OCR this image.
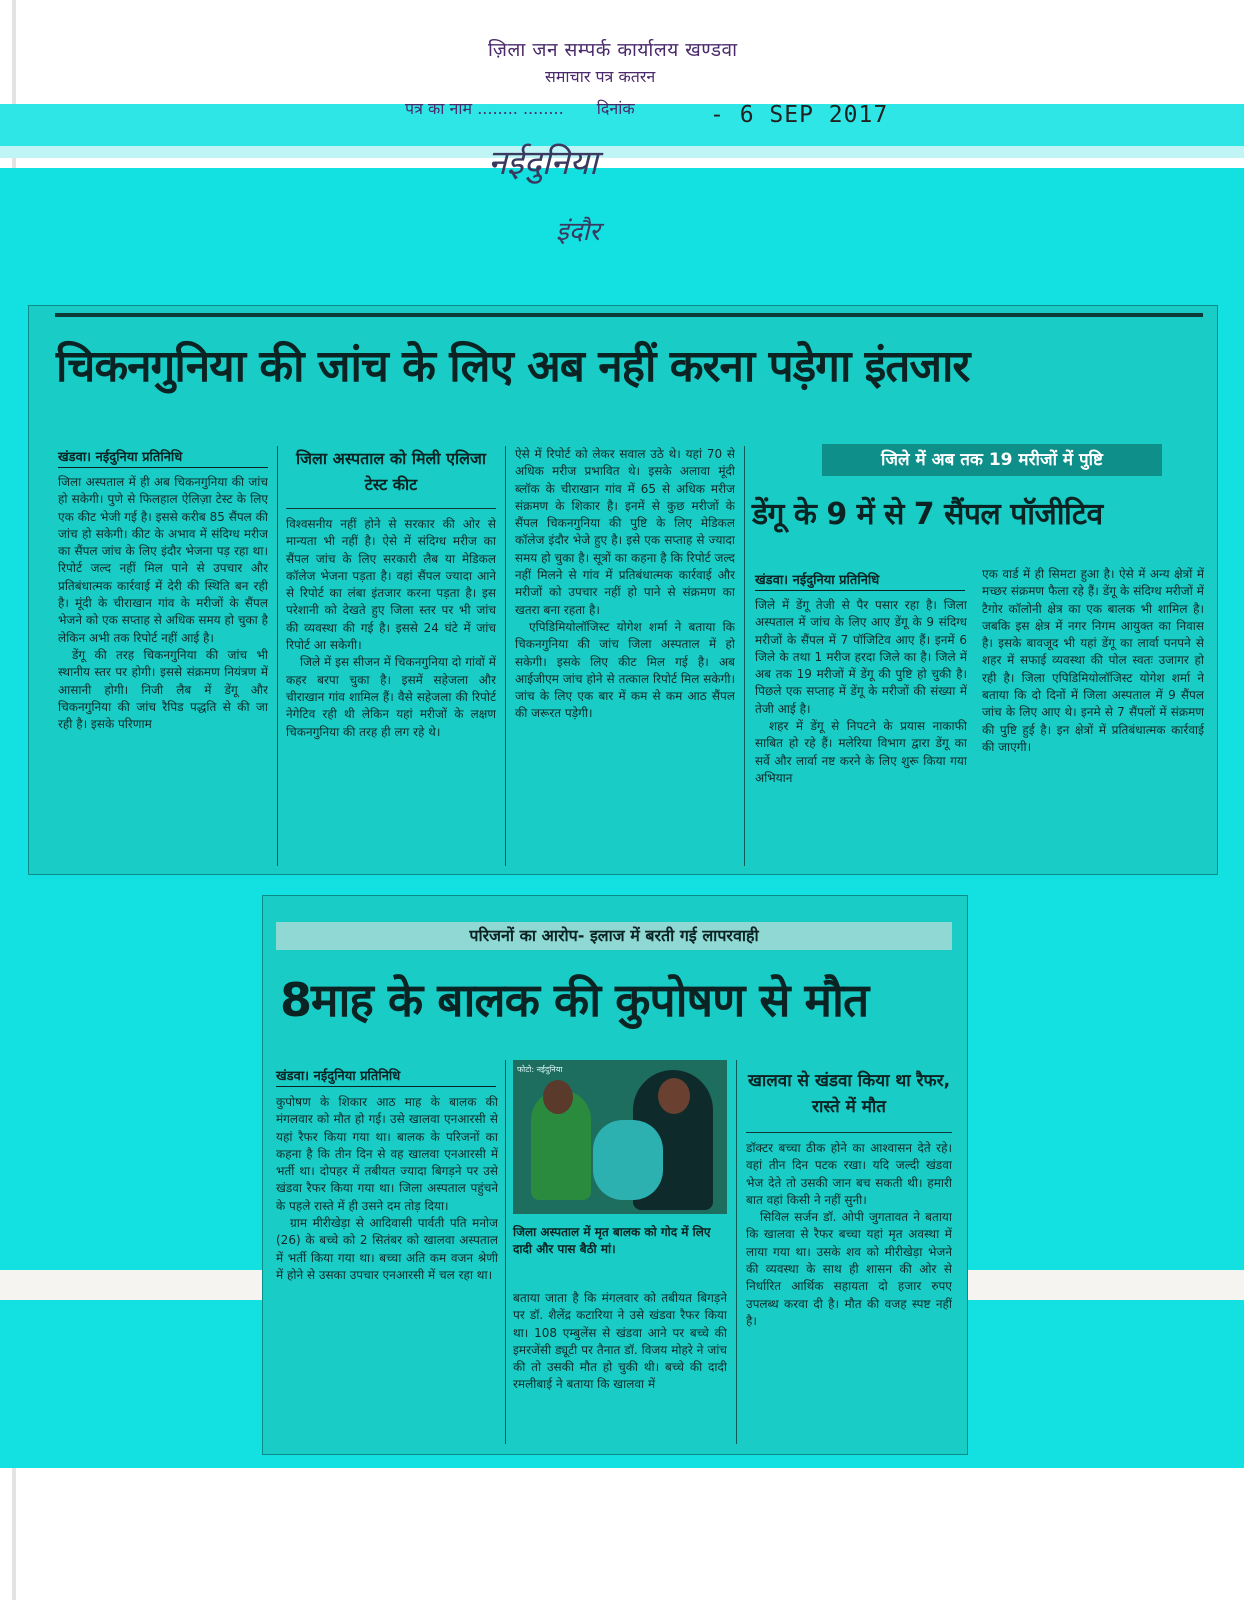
ज़िला जन सम्पर्क कार्यालय खण्डवा
समाचार पत्र कतरन
पत्र का नाम ........ ........ दिनांक	- 6 SEP 2017
नईदुनिया
इंदौर
चिकनगुनिया की जांच के लिए अब नहीं करना पड़ेगा इंतजार
खंडवा। नईदुनिया प्रतिनिधि

जिला अस्पताल में ही अब चिकनगुनिया की जांच हो सकेगी। पुणे से फिलहाल ऐलिज़ा टेस्ट के लिए एक कीट भेजी गई है। इससे करीब 85 सैंपल की जांच हो सकेगी। कीट के अभाव में संदिग्ध मरीज का सैंपल जांच के लिए इंदौर भेजना पड़ रहा था। रिपोर्ट जल्द नहीं मिल पाने से उपचार और प्रतिबंधात्मक कार्रवाई में देरी की स्थिति बन रही है। मूंदी के चीराखान गांव के मरीजों के सैंपल भेजने को एक सप्ताह से अधिक समय हो चुका है लेकिन अभी तक रिपोर्ट नहीं आई है।

डेंगू की तरह चिकनगुनिया की जांच भी स्थानीय स्तर पर होगी। इससे संक्रमण नियंत्रण में आसानी होगी। निजी लैब में डेंगू और चिकनगुनिया की जांच रैपिड पद्धति से की जा रही है। इसके परिणाम

जिला अस्पताल को मिली एलिजा टेस्ट कीट

विश्वसनीय नहीं होने से सरकार की ओर से मान्यता भी नहीं है। ऐसे में संदिग्ध मरीज का सैंपल जांच के लिए सरकारी लैब या मेडिकल कॉलेज भेजना पड़ता है। वहां सैंपल ज्यादा आने से रिपोर्ट का लंबा इंतजार करना पड़ता है। इस परेशानी को देखते हुए जिला स्तर पर भी जांच की व्यवस्था की गई है। इससे 24 घंटे में जांच रिपोर्ट आ सकेगी।

जिले में इस सीजन में चिकनगुनिया दो गांवों में कहर बरपा चुका है। इसमें सहेजला और चीराखान गांव शामिल हैं। वैसे सहेजला की रिपोर्ट नेगेटिव रही थी लेकिन यहां मरीजों के लक्षण चिकनगुनिया की तरह ही लग रहे थे।

ऐसे में रिपोर्ट को लेकर सवाल उठे थे। यहां 70 से अधिक मरीज प्रभावित थे। इसके अलावा मूंदी ब्लॉक के चीराखान गांव में 65 से अधिक मरीज संक्रमण के शिकार है। इनमें से कुछ मरीजों के सैंपल चिकनगुनिया की पुष्टि के लिए मेडिकल कॉलेज इंदौर भेजे हुए है। इसे एक सप्ताह से ज्यादा समय हो चुका है। सूत्रों का कहना है कि रिपोर्ट जल्द नहीं मिलने से गांव में प्रतिबंधात्मक कार्रवाई और मरीजों को उपचार नहीं हो पाने से संक्रमण का खतरा बना रहता है।

एपिडिमियोलॉजिस्ट योगेश शर्मा ने बताया कि चिकनगुनिया की जांच जिला अस्पताल में हो सकेगी। इसके लिए कीट मिल गई है। अब आईजीएम जांच होने से तत्काल रिपोर्ट मिल सकेगी। जांच के लिए एक बार में कम से कम आठ सैंपल की जरूरत पड़ेगी।

जिले में अब तक 19 मरीजों में पुष्टि
डेंगू के 9 में से 7 सैंपल पॉजीटिव
खंडवा। नईदुनिया प्रतिनिधि

जिले में डेंगू तेजी से पैर पसार रहा है। जिला अस्पताल में जांच के लिए आए डेंगू के 9 संदिग्ध मरीजों के सैंपल में 7 पॉजिटिव आए हैं। इनमें 6 जिले के तथा 1 मरीज हरदा जिले का है। जिले में अब तक 19 मरीजों में डेंगू की पुष्टि हो चुकी है। पिछले एक सप्ताह में डेंगू के मरीजों की संख्या में तेजी आई है।

शहर में डेंगू से निपटने के प्रयास नाकाफी साबित हो रहे हैं। मलेरिया विभाग द्वारा डेंगू का सर्वे और लार्वा नष्ट करने के लिए शुरू किया गया अभियान

एक वार्ड में ही सिमटा हुआ है। ऐसे में अन्य क्षेत्रों में मच्छर संक्रमण फैला रहे हैं। डेंगू के संदिग्ध मरीजों में टैगोर कॉलोनी क्षेत्र का एक बालक भी शामिल है। जबकि इस क्षेत्र में नगर निगम आयुक्त का निवास है। इसके बावजूद भी यहां डेंगू का लार्वा पनपने से शहर में सफाई व्यवस्था की पोल स्वतः उजागर हो रही है। जिला एपिडिमियोलॉजिस्ट योगेश शर्मा ने बताया कि दो दिनों में जिला अस्पताल में 9 सैंपल जांच के लिए आए थे। इनमे से 7 सैंपलों में संक्रमण की पुष्टि हुई है। इन क्षेत्रों में प्रतिबंधात्मक कार्रवाई की जाएगी।

परिजनों का आरोप- इलाज में बरती गई लापरवाही
8माह के बालक की कुपोषण से मौत
खंडवा। नईदुनिया प्रतिनिधि

कुपोषण के शिकार आठ माह के बालक की मंगलवार को मौत हो गई। उसे खालवा एनआरसी से यहां रैफर किया गया था। बालक के परिजनों का कहना है कि तीन दिन से वह खालवा एनआरसी में भर्ती था। दोपहर में तबीयत ज्यादा बिगड़ने पर उसे खंडवा रैफर किया गया था। जिला अस्पताल पहुंचने के पहले रास्ते में ही उसने दम तोड़ दिया।

ग्राम मीरीखेड़ा से आदिवासी पार्वती पति मनोज (26) के बच्चे को 2 सितंबर को खालवा अस्पताल में भर्ती किया गया था। बच्चा अति कम वजन श्रेणी में होने से उसका उपचार एनआरसी में चल रहा था।

फोटो: नईदुनिया
जिला अस्पताल में मृत बालक को गोद में लिए दादी और पास बैठी मां।

बताया जाता है कि मंगलवार को तबीयत बिगड़ने पर डॉ. शैलेंद्र कटारिया ने उसे खंडवा रैफर किया था। 108 एम्बुलेंस से खंडवा आने पर बच्चे की इमरजेंसी ड्यूटी पर तैनात डॉ. विजय मोहरे ने जांच की तो उसकी मौत हो चुकी थी। बच्चे की दादी रमलीबाई ने बताया कि खालवा में

खालवा से खंडवा किया था रैफर, रास्ते में मौत

डॉक्टर बच्चा ठीक होने का आश्वासन देते रहे। वहां तीन दिन पटक रखा। यदि जल्दी खंडवा भेज देते तो उसकी जान बच सकती थी। हमारी बात वहां किसी ने नहीं सुनी।

सिविल सर्जन डॉ. ओपी जुगतावत ने बताया कि खालवा से रैफर बच्चा यहां मृत अवस्था में लाया गया था। उसके शव को मीरीखेड़ा भेजने की व्यवस्था के साथ ही शासन की ओर से निर्धारित आर्थिक सहायता दो हजार रुपए उपलब्ध करवा दी है। मौत की वजह स्पष्ट नहीं है।
